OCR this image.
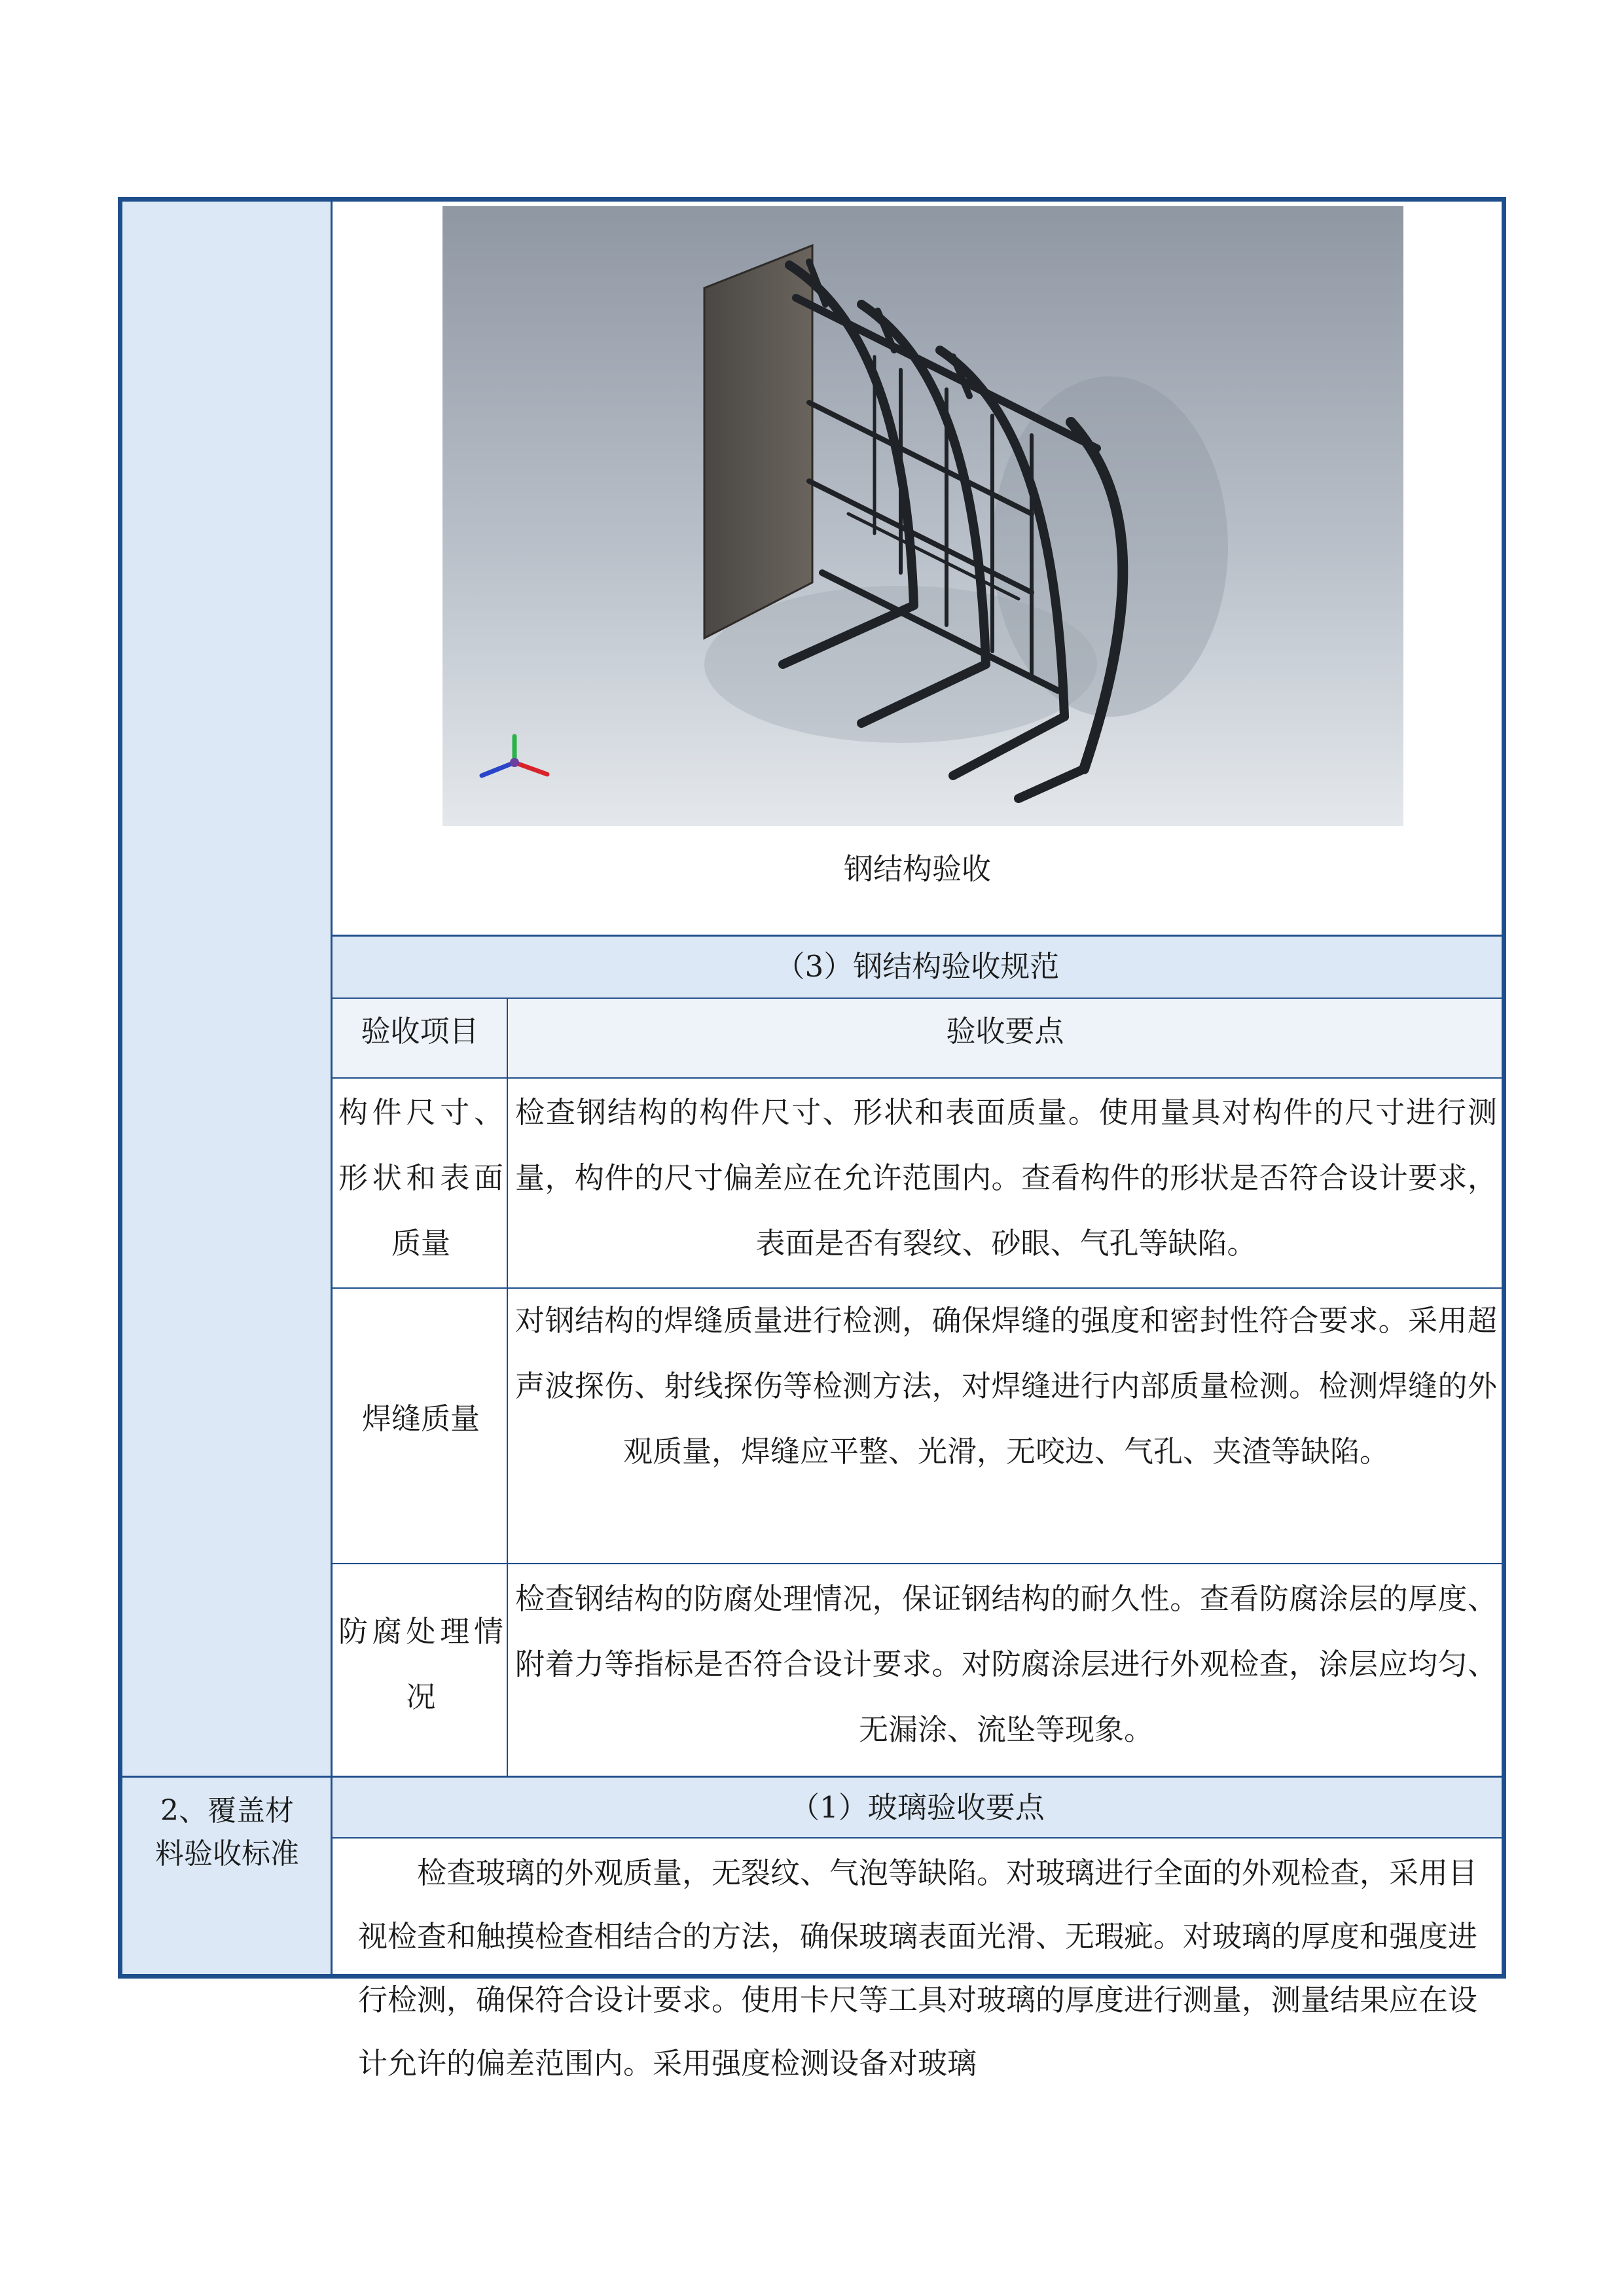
2、覆盖材料验收标准
钢结构验收
（3）钢结构验收规范
验收项目	验收要点
构件尺寸、形状和表面质量
检查钢结构的构件尺寸、形状和表面质量。使用量具对构件的尺寸进行测量，构件的尺寸偏差应在允许范围内。查看构件的形状是否符合设计要求，表面是否有裂纹、砂眼、气孔等缺陷。
焊缝质量
对钢结构的焊缝质量进行检测，确保焊缝的强度和密封性符合要求。采用超声波探伤、射线探伤等检测方法，对焊缝进行内部质量检测。检测焊缝的外观质量，焊缝应平整、光滑，无咬边、气孔、夹渣等缺陷。
防腐处理情况
检查钢结构的防腐处理情况，保证钢结构的耐久性。查看防腐涂层的厚度、附着力等指标是否符合设计要求。对防腐涂层进行外观检查，涂层应均匀、无漏涂、流坠等现象。
（1）玻璃验收要点
检查玻璃的外观质量，无裂纹、气泡等缺陷。对玻璃进行全面的外观检查，采用目视检查和触摸检查相结合的方法，确保玻璃表面光滑、无瑕疵。对玻璃的厚度和强度进行检测，确保符合设计要求。使用卡尺等工具对玻璃的厚度进行测量，测量结果应在设计允许的偏差范围内。采用强度检测设备对玻璃
